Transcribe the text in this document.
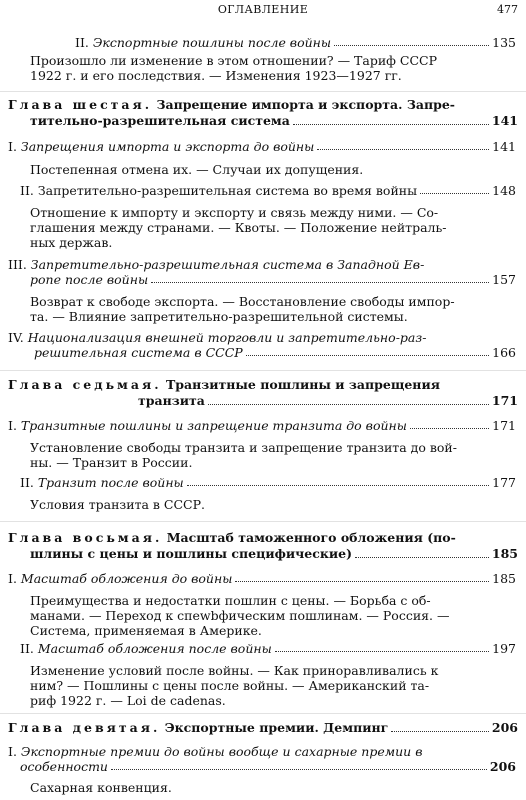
ОГЛАВЛЕНИЕ	477
II. Экспортные пошлины после войны	135
Произошло ли изменение в этом отношении? — Тариф СССР
1922 г. и его последствия. — Изменения 1923—1927 гг.
Глава шестая. Запрещение импорта и экспорта. Запре-
тительно-разрешительная система	141
I. Запрещения импорта и экспорта до войны	141
Постепенная отмена их. — Случаи их допущения.
II. Запретительно-разрешительная система во время войны	148
Отношение к импорту и экспорту и связь между ними. — Со-
глашения между странами. — Квоты. — Положение нейтраль-
ных держав.
III. Запретительно-разрешительная система в Западной Ев-
ропе после войны	157
Возврат к свободе экспорта. — Восстановление свободы импор-
та. — Влияние запретительно-разрешительной системы.
IV. Национализация внешней торговли и запретительно-раз-
решительная система в СССР	166
Глава седьмая. Транзитные пошлины и запрещения
транзита	171
I. Транзитные пошлины и запрещение транзита до войны	171
Установление свободы транзита и запрещение транзита до вой-
ны. — Транзит в России.
II. Транзит после войны	177
Условия транзита в СССР.
Глава восьмая. Масштаб таможенного обложения (по-
шлины с цены и пошлины специфические)	185
I. Масштаб обложения до войны	185
Преимущества и недостатки пошлин с цены. — Борьба с об-
манами. — Переход к спеwbфическим пошлинам. — Россия. —
Система, применяемая в Америке.
II. Масштаб обложения после войны	197
Изменение условий после войны. — Как приноравливались к
ним? — Пошлины с цены после войны. — Американский та-
риф 1922 г. — Loi de cadenas.
Глава девятая. Экспортные премии. Демпинг	206
I. Экспортные премии до войны вообще и сахарные премии в
особенности	206
Сахарная конвенция.
